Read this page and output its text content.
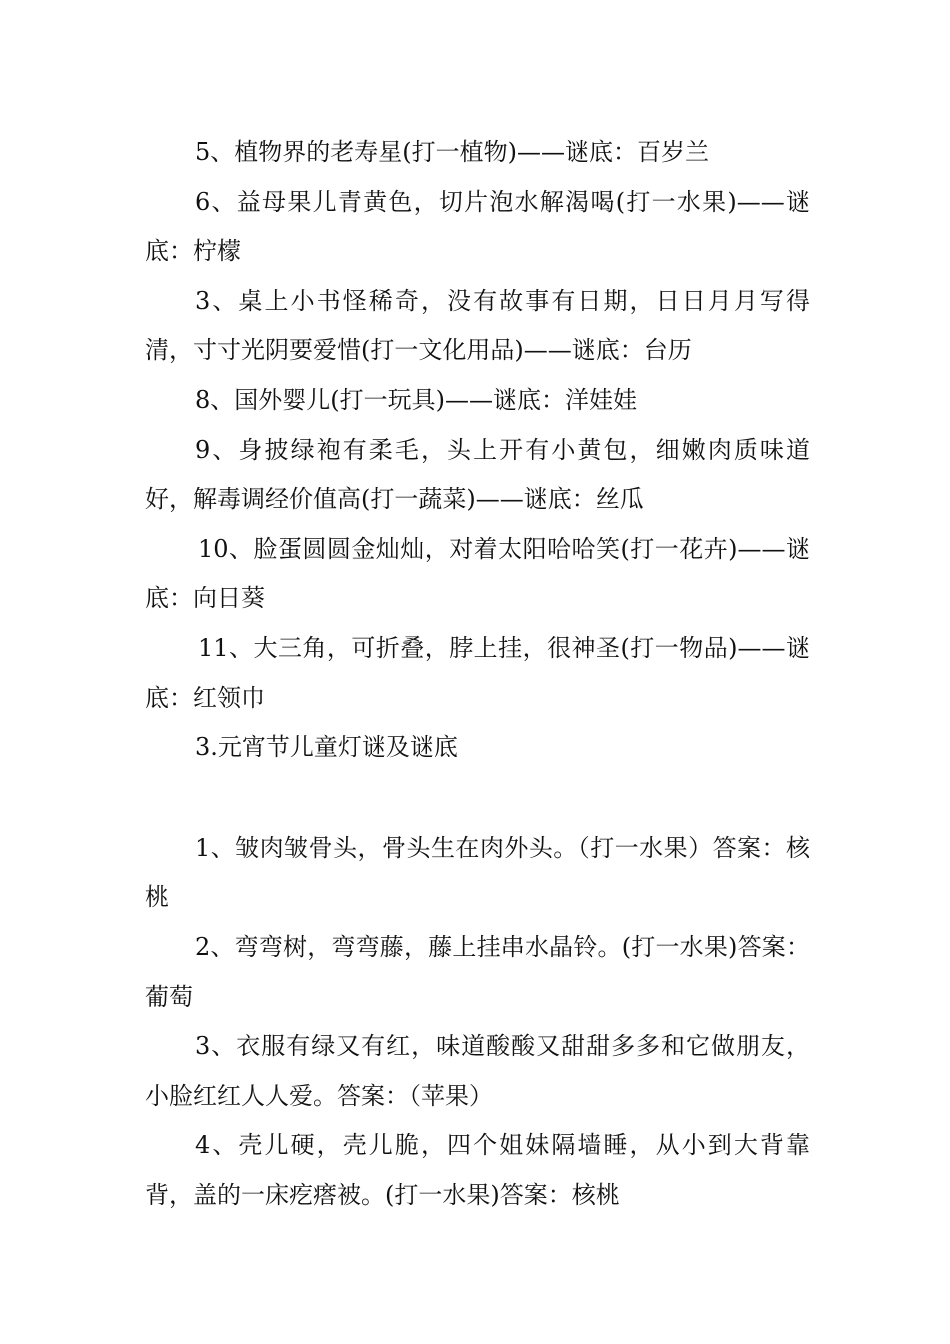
5、植物界的老寿星(打一植物)——谜底：百岁兰

6、益母果儿青黄色，切片泡水解渴喝(打一水果)——谜底：柠檬

3、桌上小书怪稀奇，没有故事有日期，日日月月写得清，寸寸光阴要爱惜(打一文化用品)——谜底：台历

8、国外婴儿(打一玩具)——谜底：洋娃娃

9、身披绿袍有柔毛，头上开有小黄包，细嫩肉质味道好，解毒调经价值高(打一蔬菜)——谜底：丝瓜

10、脸蛋圆圆金灿灿，对着太阳哈哈笑(打一花卉)——谜底：向日葵

11、大三角，可折叠，脖上挂，很神圣(打一物品)——谜底：红领巾

3.元宵节儿童灯谜及谜底

1、皱肉皱骨头，骨头生在肉外头。（打一水果）答案：核桃

2、弯弯树，弯弯藤，藤上挂串水晶铃。(打一水果)答案：葡萄

3、衣服有绿又有红，味道酸酸又甜甜多多和它做朋友，小脸红红人人爱。答案：（苹果）

4、壳儿硬，壳儿脆，四个姐妹隔墙睡，从小到大背靠背，盖的一床疙瘩被。(打一水果)答案：核桃
